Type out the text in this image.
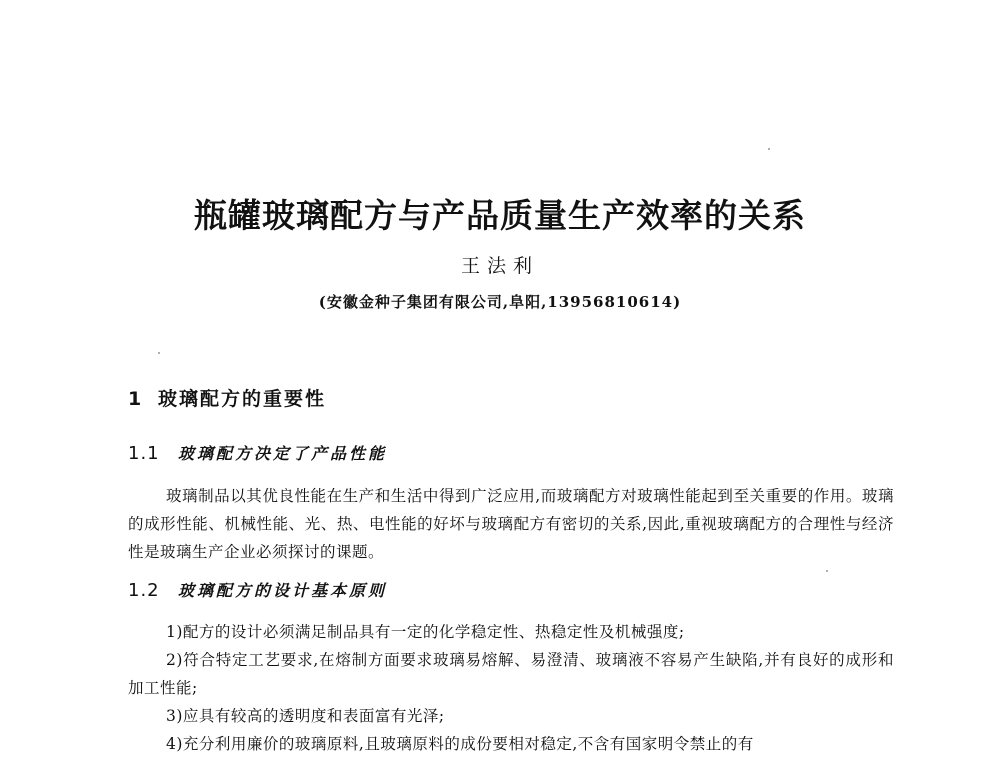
瓶罐玻璃配方与产品质量生产效率的关系
王法利
(安徽金种子集团有限公司,阜阳,13956810614)
1 玻璃配方的重要性
1.1 玻璃配方决定了产品性能

玻璃制品以其优良性能在生产和生活中得到广泛应用,而玻璃配方对玻璃性能起到至关重要的作用。玻璃的成形性能、机械性能、光、热、电性能的好坏与玻璃配方有密切的关系,因此,重视玻璃配方的合理性与经济性是玻璃生产企业必须探讨的课题。

1.2 玻璃配方的设计基本原则

1)配方的设计必须满足制品具有一定的化学稳定性、热稳定性及机械强度;

2)符合特定工艺要求,在熔制方面要求玻璃易熔解、易澄清、玻璃液不容易产生缺陷,并有良好的成形和加工性能;

3)应具有较高的透明度和表面富有光泽;

4)充分利用廉价的玻璃原料,且玻璃原料的成份要相对稳定,不含有国家明令禁止的有
